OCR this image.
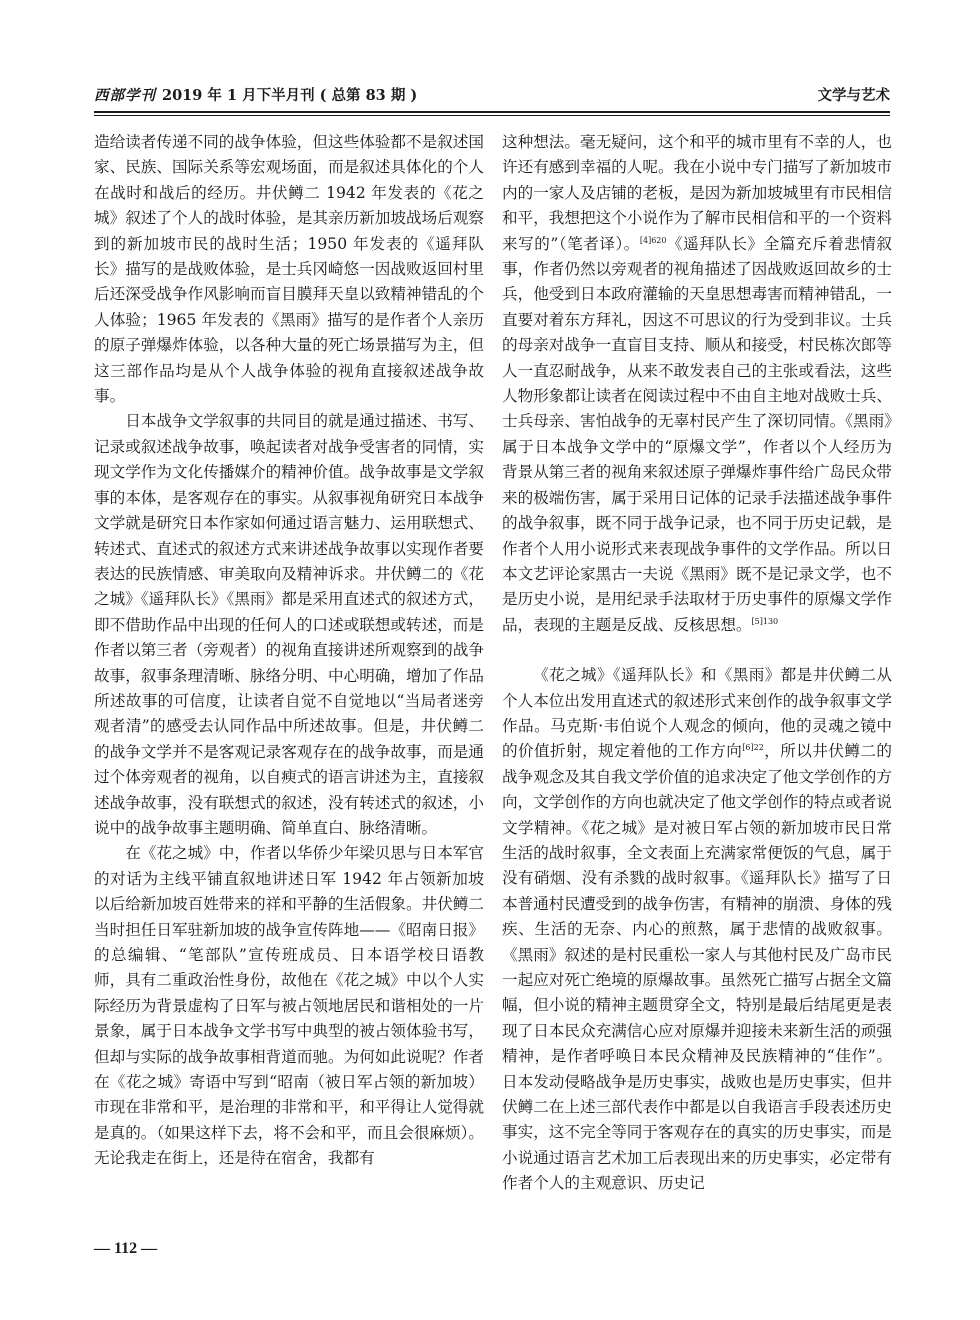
西部学刊 2019 年 1 月下半月刊 ( 总第 83 期 )	文学与艺术

造给读者传递不同的战争体验，但这些体验都不是叙述国家、民族、国际关系等宏观场面，而是叙述具体化的个人在战时和战后的经历。井伏鳟二 1942 年发表的《花之城》叙述了个人的战时体验，是其亲历新加坡战场后观察到的新加坡市民的战时生活；1950 年发表的《遥拜队长》描写的是战败体验，是士兵冈崎悠一因战败返回村里后还深受战争作风影响而盲目膜拜天皇以致精神错乱的个人体验；1965 年发表的《黑雨》描写的是作者个人亲历的原子弹爆炸体验，以各种大量的死亡场景描写为主，但这三部作品均是从个人战争体验的视角直接叙述战争故事。

日本战争文学叙事的共同目的就是通过描述、书写、记录或叙述战争故事，唤起读者对战争受害者的同情，实现文学作为文化传播媒介的精神价值。战争故事是文学叙事的本体，是客观存在的事实。从叙事视角研究日本战争文学就是研究日本作家如何通过语言魅力、运用联想式、转述式、直述式的叙述方式来讲述战争故事以实现作者要表达的民族情感、审美取向及精神诉求。井伏鳟二的《花之城》《遥拜队长》《黑雨》都是采用直述式的叙述方式，即不借助作品中出现的任何人的口述或联想或转述，而是作者以第三者（旁观者）的视角直接讲述所观察到的战争故事，叙事条理清晰、脉络分明、中心明确，增加了作品所述故事的可信度，让读者自觉不自觉地以“当局者迷旁观者清”的感受去认同作品中所述故事。但是，井伏鳟二的战争文学并不是客观记录客观存在的战争故事，而是通过个体旁观者的视角，以自瘐式的语言讲述为主，直接叙述战争故事，没有联想式的叙述，没有转述式的叙述，小说中的战争故事主题明确、简单直白、脉络清晰。

在《花之城》中，作者以华侨少年梁贝思与日本军官的对话为主线平铺直叙地讲述日军 1942 年占领新加坡以后给新加坡百姓带来的祥和平静的生活假象。井伏鳟二当时担任日军驻新加坡的战争宣传阵地——《昭南日报》的总编辑、“笔部队”宣传班成员、日本语学校日语教师，具有二重政治性身份，故他在《花之城》中以个人实际经历为背景虚构了日军与被占领地居民和谐相处的一片景象，属于日本战争文学书写中典型的被占领体验书写，但却与实际的战争故事相背道而驰。为何如此说呢？作者在《花之城》寄语中写到“昭南（被日军占领的新加坡）市现在非常和平，是治理的非常和平，和平得让人觉得就是真的。（如果这样下去，将不会和平，而且会很麻烦）。无论我走在街上，还是待在宿舍，我都有

这种想法。毫无疑问，这个和平的城市里有不幸的人，也许还有感到幸福的人呢。我在小说中专门描写了新加坡市内的一家人及店铺的老板，是因为新加坡城里有市民相信和平，我想把这个小说作为了解市民相信和平的一个资料来写的”（笔者译）。$^{[4]620}$《遥拜队长》全篇充斥着悲情叙事，作者仍然以旁观者的视角描述了因战败返回故乡的士兵，他受到日本政府灌输的天皇思想毒害而精神错乱，一直要对着东方拜礼，因这不可思议的行为受到非议。士兵的母亲对战争一直盲目支持、顺从和接受，村民栋次郎等人一直忍耐战争，从来不敢发表自己的主张或看法，这些人物形象都让读者在阅读过程中不由自主地对战败士兵、士兵母亲、害怕战争的无辜村民产生了深切同情。《黑雨》属于日本战争文学中的“原爆文学”，作者以个人经历为背景从第三者的视角来叙述原子弹爆炸事件给广岛民众带来的极端伤害，属于采用日记体的记录手法描述战争事件的战争叙事，既不同于战争记录，也不同于历史记载，是作者个人用小说形式来表现战争事件的文学作品。所以日本文艺评论家黑古一夫说《黑雨》既不是记录文学，也不是历史小说，是用纪录手法取材于历史事件的原爆文学作品，表现的主题是反战、反核思想。$^{[5]130}$

《花之城》《遥拜队长》和《黑雨》都是井伏鳟二从个人本位出发用直述式的叙述形式来创作的战争叙事文学作品。马克斯·韦伯说个人观念的倾向，他的灵魂之镜中的价值折射，规定着他的工作方向$^{[6]22}$，所以井伏鳟二的战争观念及其自我文学价值的追求决定了他文学创作的方向，文学创作的方向也就决定了他文学创作的特点或者说文学精神。《花之城》是对被日军占领的新加坡市民日常生活的战时叙事，全文表面上充满家常便饭的气息，属于没有硝烟、没有杀戮的战时叙事。《遥拜队长》描写了日本普通村民遭受到的战争伤害，有精神的崩溃、身体的残疾、生活的无奈、内心的煎熬，属于悲情的战败叙事。《黑雨》叙述的是村民重松一家人与其他村民及广岛市民一起应对死亡绝境的原爆故事。虽然死亡描写占据全文篇幅，但小说的精神主题贯穿全文，特别是最后结尾更是表现了日本民众充满信心应对原爆并迎接未来新生活的顽强精神，是作者呼唤日本民众精神及民族精神的“佳作”。日本发动侵略战争是历史事实，战败也是历史事实，但井伏鳟二在上述三部代表作中都是以自我语言手段表述历史事实，这不完全等同于客观存在的真实的历史事实，而是小说通过语言艺术加工后表现出来的历史事实，必定带有作者个人的主观意识、历史记

— 112 —
